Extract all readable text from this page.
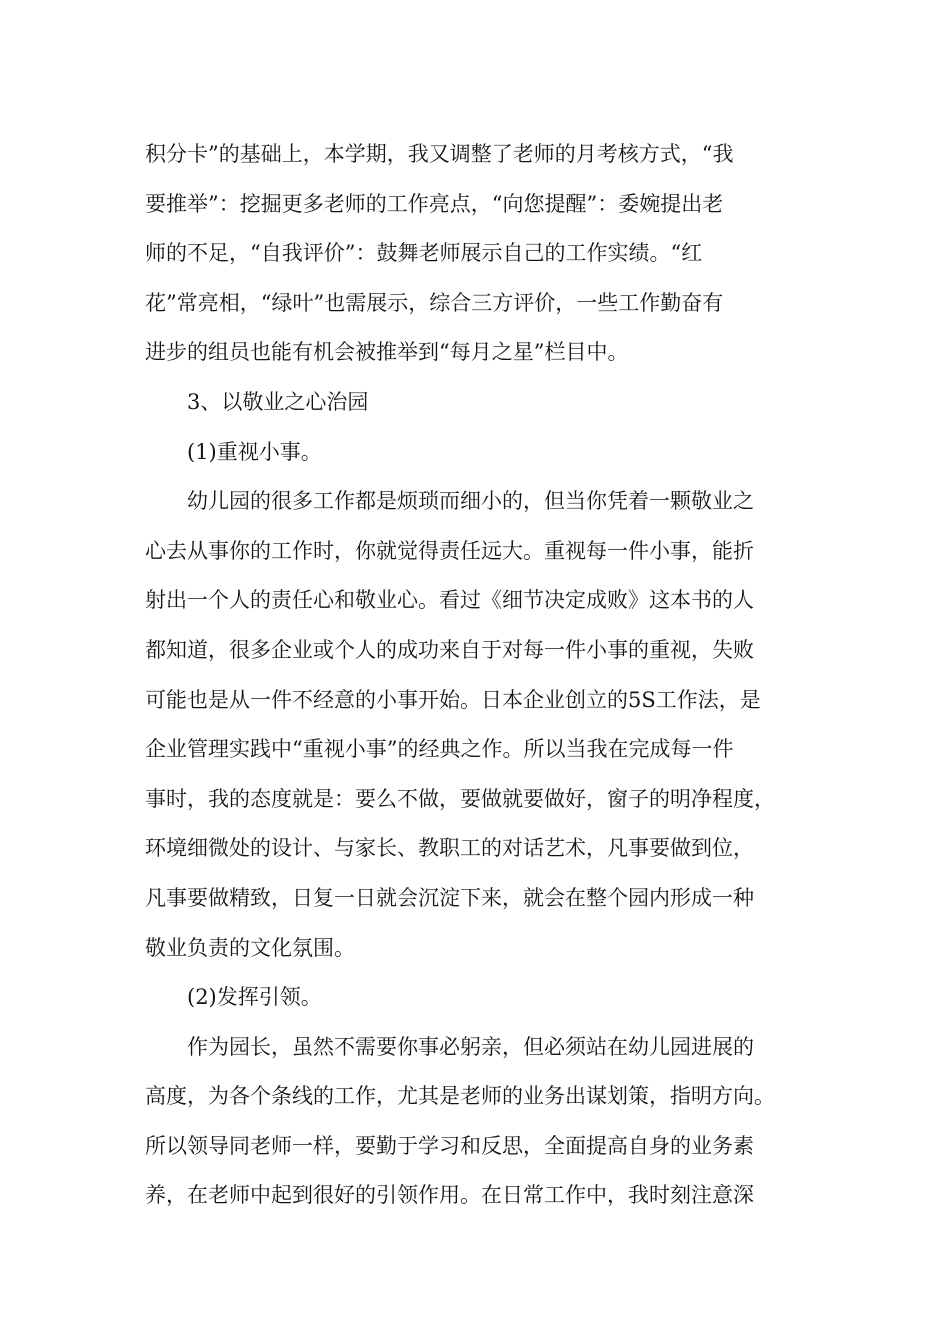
积分卡”的基础上，本学期，我又调整了老师的月考核方式，“我
要推举”：挖掘更多老师的工作亮点，“向您提醒”：委婉提出老
师的不足，“自我评价”：鼓舞老师展示自己的工作实绩。“红
花”常亮相，“绿叶”也需展示，综合三方评价，一些工作勤奋有
进步的组员也能有机会被推举到“每月之星”栏目中。
3、以敬业之心治园
(1)重视小事。
幼儿园的很多工作都是烦琐而细小的，但当你凭着一颗敬业之
心去从事你的工作时，你就觉得责任远大。重视每一件小事，能折
射出一个人的责任心和敬业心。看过《细节决定成败》这本书的人
都知道，很多企业或个人的成功来自于对每一件小事的重视，失败
可能也是从一件不经意的小事开始。日本企业创立的5S工作法，是
企业管理实践中“重视小事”的经典之作。所以当我在完成每一件
事时，我的态度就是：要么不做，要做就要做好，窗子的明净程度，
环境细微处的设计、与家长、教职工的对话艺术，凡事要做到位，
凡事要做精致，日复一日就会沉淀下来，就会在整个园内形成一种
敬业负责的文化氛围。
(2)发挥引领。
作为园长，虽然不需要你事必躬亲，但必须站在幼儿园进展的
高度，为各个条线的工作，尤其是老师的业务出谋划策，指明方向。
所以领导同老师一样，要勤于学习和反思，全面提高自身的业务素
养，在老师中起到很好的引领作用。在日常工作中，我时刻注意深
